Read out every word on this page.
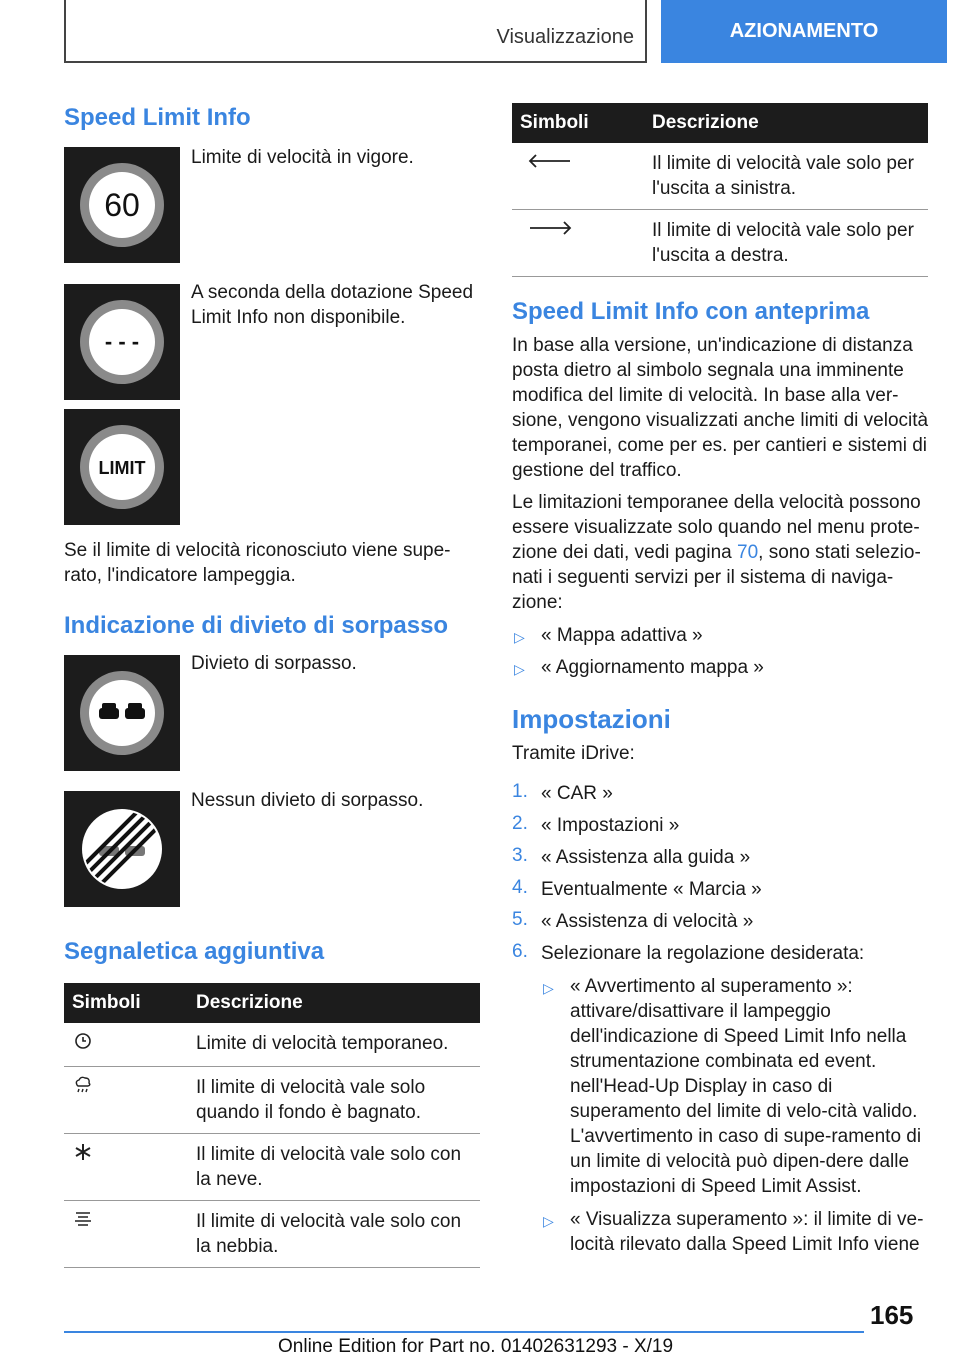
Visualizzazione	AZIONAMENTO
Speed Limit Info
60
Limite di velocità in vigore.
- - -
A seconda della dotazione Speed Limit Info non disponibile.
LIMIT
Se il limite di velocità riconosciuto viene supe-rato, l'indicatore lampeggia.
Indicazione di divieto di sorpasso
Divieto di sorpasso.
Nessun divieto di sorpasso.
Segnaletica aggiuntiva
Simboli	Descrizione
	Limite di velocità temporaneo.
	Il limite di velocità vale solo quando il fondo è bagnato.
	Il limite di velocità vale solo con la neve.
	Il limite di velocità vale solo con la nebbia.
Simboli	Descrizione
	Il limite di velocità vale solo per l'uscita a sinistra.
	Il limite di velocità vale solo per l'uscita a destra.
Speed Limit Info con anteprima
In base alla versione, un'indicazione di distanza posta dietro al simbolo segnala una imminente modifica del limite di velocità. In base alla ver-sione, vengono visualizzati anche limiti di velocità temporanei, come per es. per cantieri e sistemi di gestione del traffico.
Le limitazioni temporanee della velocità possono essere visualizzate solo quando nel menu prote-zione dei dati, vedi pagina 70, sono stati selezio-nati i seguenti servizi per il sistema di naviga-zione:
▷ « Mappa adattiva »
▷ « Aggiornamento mappa »
Impostazioni
Tramite iDrive:
1. « CAR »
2. « Impostazioni »
3. « Assistenza alla guida »
4. Eventualmente « Marcia »
5. « Assistenza di velocità »
6. Selezionare la regolazione desiderata:
▷ « Avvertimento al superamento »: attivare/disattivare il lampeggio dell'indicazione di Speed Limit Info nella strumentazione combinata ed event. nell'Head-Up Display in caso di superamento del limite di velo-cità valido. L'avvertimento in caso di supe-ramento di un limite di velocità può dipen-dere dalle impostazioni di Speed Limit Assist.
▷ « Visualizza superamento »: il limite di ve-locità rilevato dalla Speed Limit Info viene
165
Online Edition for Part no. 01402631293 - X/19
